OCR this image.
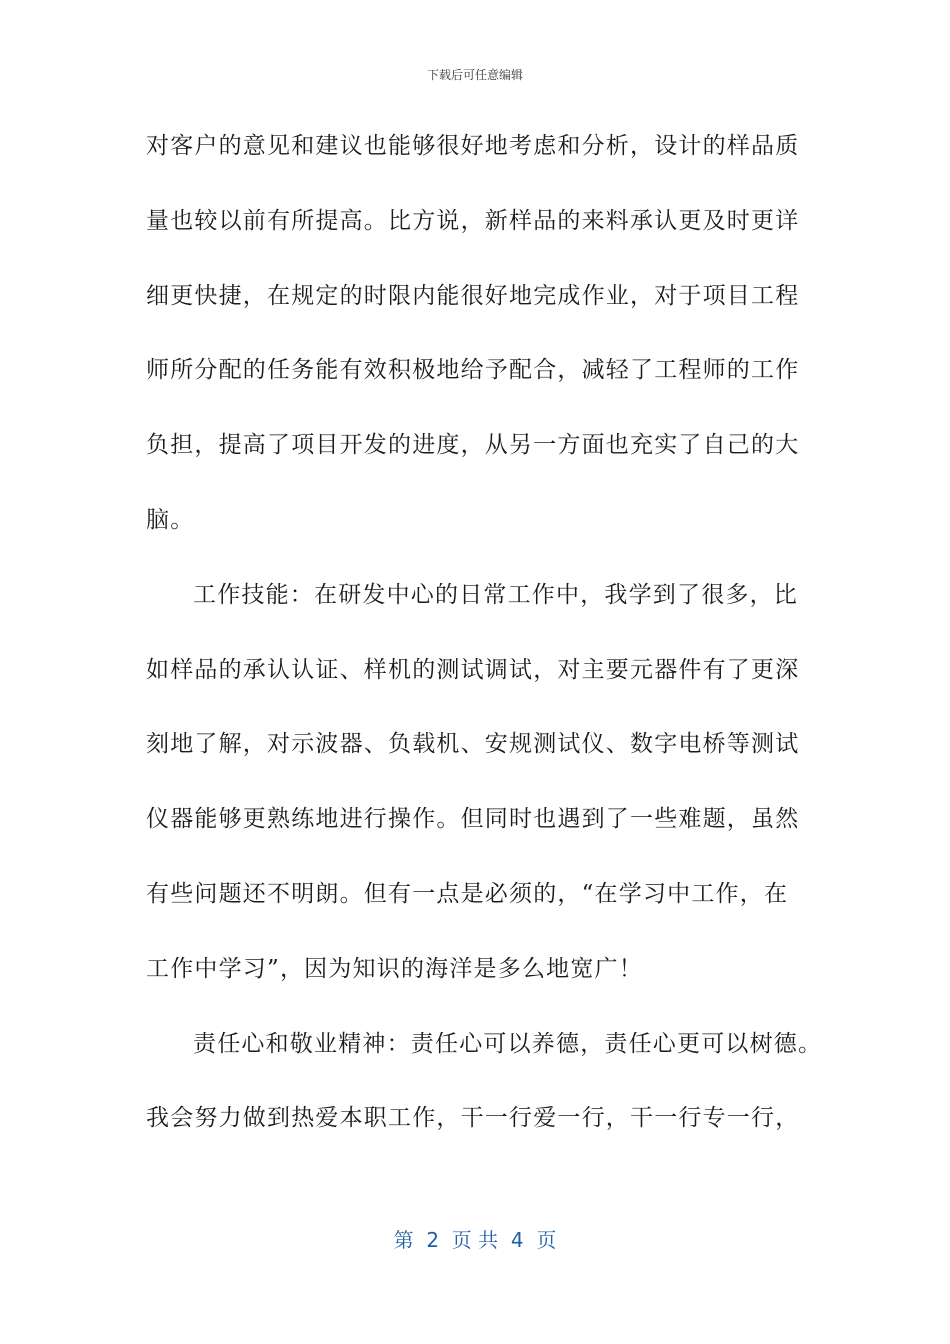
下载后可任意编辑
对客户的意见和建议也能够很好地考虑和分析，设计的样品质
量也较以前有所提高。比方说，新样品的来料承认更及时更详
细更快捷，在规定的时限内能很好地完成作业，对于项目工程
师所分配的任务能有效积极地给予配合，减轻了工程师的工作
负担，提高了项目开发的进度，从另一方面也充实了自己的大
脑。
工作技能：在研发中心的日常工作中，我学到了很多，比
如样品的承认认证、样机的测试调试，对主要元器件有了更深
刻地了解，对示波器、负载机、安规测试仪、数字电桥等测试
仪器能够更熟练地进行操作。但同时也遇到了一些难题，虽然
有些问题还不明朗。但有一点是必须的，“在学习中工作，在
工作中学习”，因为知识的海洋是多么地宽广！
责任心和敬业精神：责任心可以养德，责任心更可以树德。
我会努力做到热爱本职工作，干一行爱一行，干一行专一行，
第  2  页 共  4  页
